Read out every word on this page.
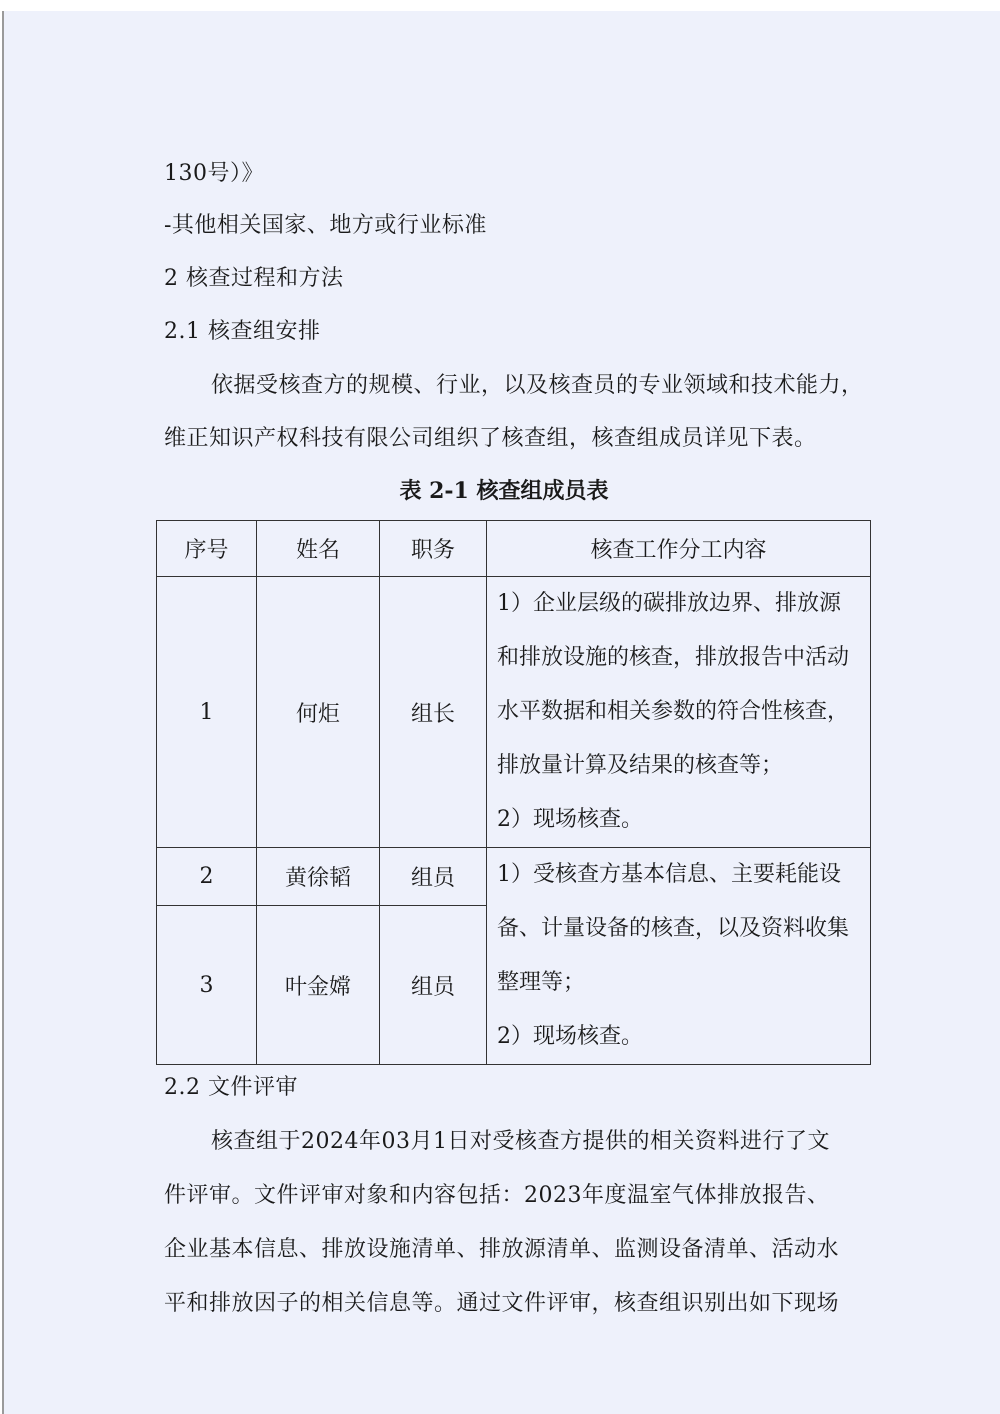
130号）》
-其他相关国家、地方或行业标准
2 核查过程和方法
2.1 核查组安排
依据受核查方的规模、行业，以及核查员的专业领域和技术能力，
维正知识产权科技有限公司组织了核查组，核查组成员详见下表。
表 2-1 核查组成员表
序号	姓名	职务	核查工作分工内容
1	何炬	组长	1）企业层级的碳排放边界、排放源
和排放设施的核查，排放报告中活动
水平数据和相关参数的符合性核查，
排放量计算及结果的核查等；
2）现场核查。

2	黄徐韬	组员	1）受核查方基本信息、主要耗能设
备、计量设备的核查，以及资料收集
整理等；
2）现场核查。

3	叶金嫦	组员	
2.2 文件评审
核查组于2024年03月1日对受核查方提供的相关资料进行了文
件评审。文件评审对象和内容包括：2023年度温室气体排放报告、
企业基本信息、排放设施清单、排放源清单、监测设备清单、活动水
平和排放因子的相关信息等。通过文件评审，核查组识别出如下现场
